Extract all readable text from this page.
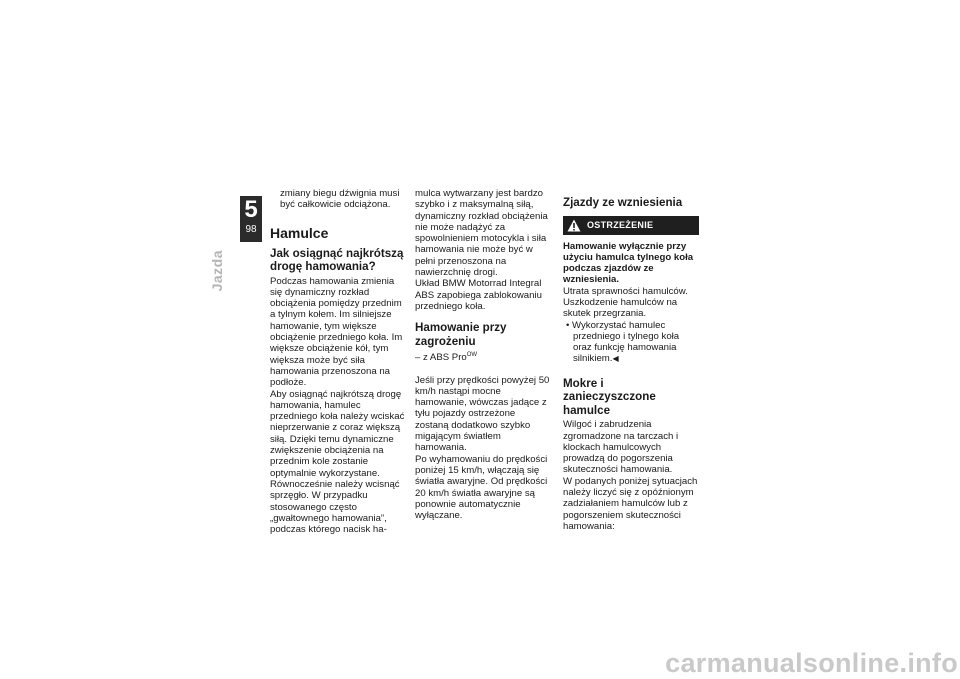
5
98
Jazda

zmiany biegu dźwignia musi być całkowicie odciążona.

Hamulce
Jak osiągnąć najkrótszą drogę hamowania?

Podczas hamowania zmienia się dynamiczny rozkład obciążenia pomiędzy przednim a tylnym kołem. Im silniejsze hamowanie, tym większe obciążenie przedniego koła. Im większe obciążenie kół, tym większa może być siła hamowania przenoszona na podłoże.

Aby osiągnąć najkrótszą drogę hamowania, hamulec przedniego koła należy wciskać nieprzerwanie z coraz większą siłą. Dzięki temu dynamiczne zwiększenie obciążenia na przednim kole zostanie optymalnie wykorzystane. Równocześnie należy wcisnąć sprzęgło. W przypadku stosowanego często „gwałtownego hamowania”, podczas którego nacisk ha-

mulca wytwarzany jest bardzo szybko i z maksymalną siłą, dynamiczny rozkład obciążenia nie może nadążyć za spowolnieniem motocykla i siła hamowania nie może być w pełni przenoszona na nawierzchnię drogi.

Układ BMW Motorrad Integral ABS zapobiega zablokowaniu przedniego koła.

Hamowanie przy zagrożeniu

– z ABS Pro$^{OW}$

Jeśli przy prędkości powyżej 50 km/h nastąpi mocne hamowanie, wówczas jadące z tyłu pojazdy ostrzeżone zostaną dodatkowo szybko migającym światłem hamowania.

Po wyhamowaniu do prędkości poniżej 15 km/h, włączają się światła awaryjne. Od prędkości 20 km/h światła awaryjne są ponownie automatycznie wyłączane.

Zjazdy ze wzniesienia
OSTRZEŻENIE

Hamowanie wyłącznie przy użyciu hamulca tylnego koła podczas zjazdów ze wzniesienia.

Utrata sprawności hamulców. Uszkodzenie hamulców na skutek przegrzania.

• Wykorzystać hamulec przedniego i tylnego koła oraz funkcję hamowania silnikiem.◀

Mokre i zanieczyszczone hamulce

Wilgoć i zabrudzenia zgromadzone na tarczach i klockach hamulcowych prowadzą do pogorszenia skuteczności hamowania.

W podanych poniżej sytuacjach należy liczyć się z opóźnionym zadziałaniem hamulców lub z pogorszeniem skuteczności hamowania:

carmanualsonline.info
